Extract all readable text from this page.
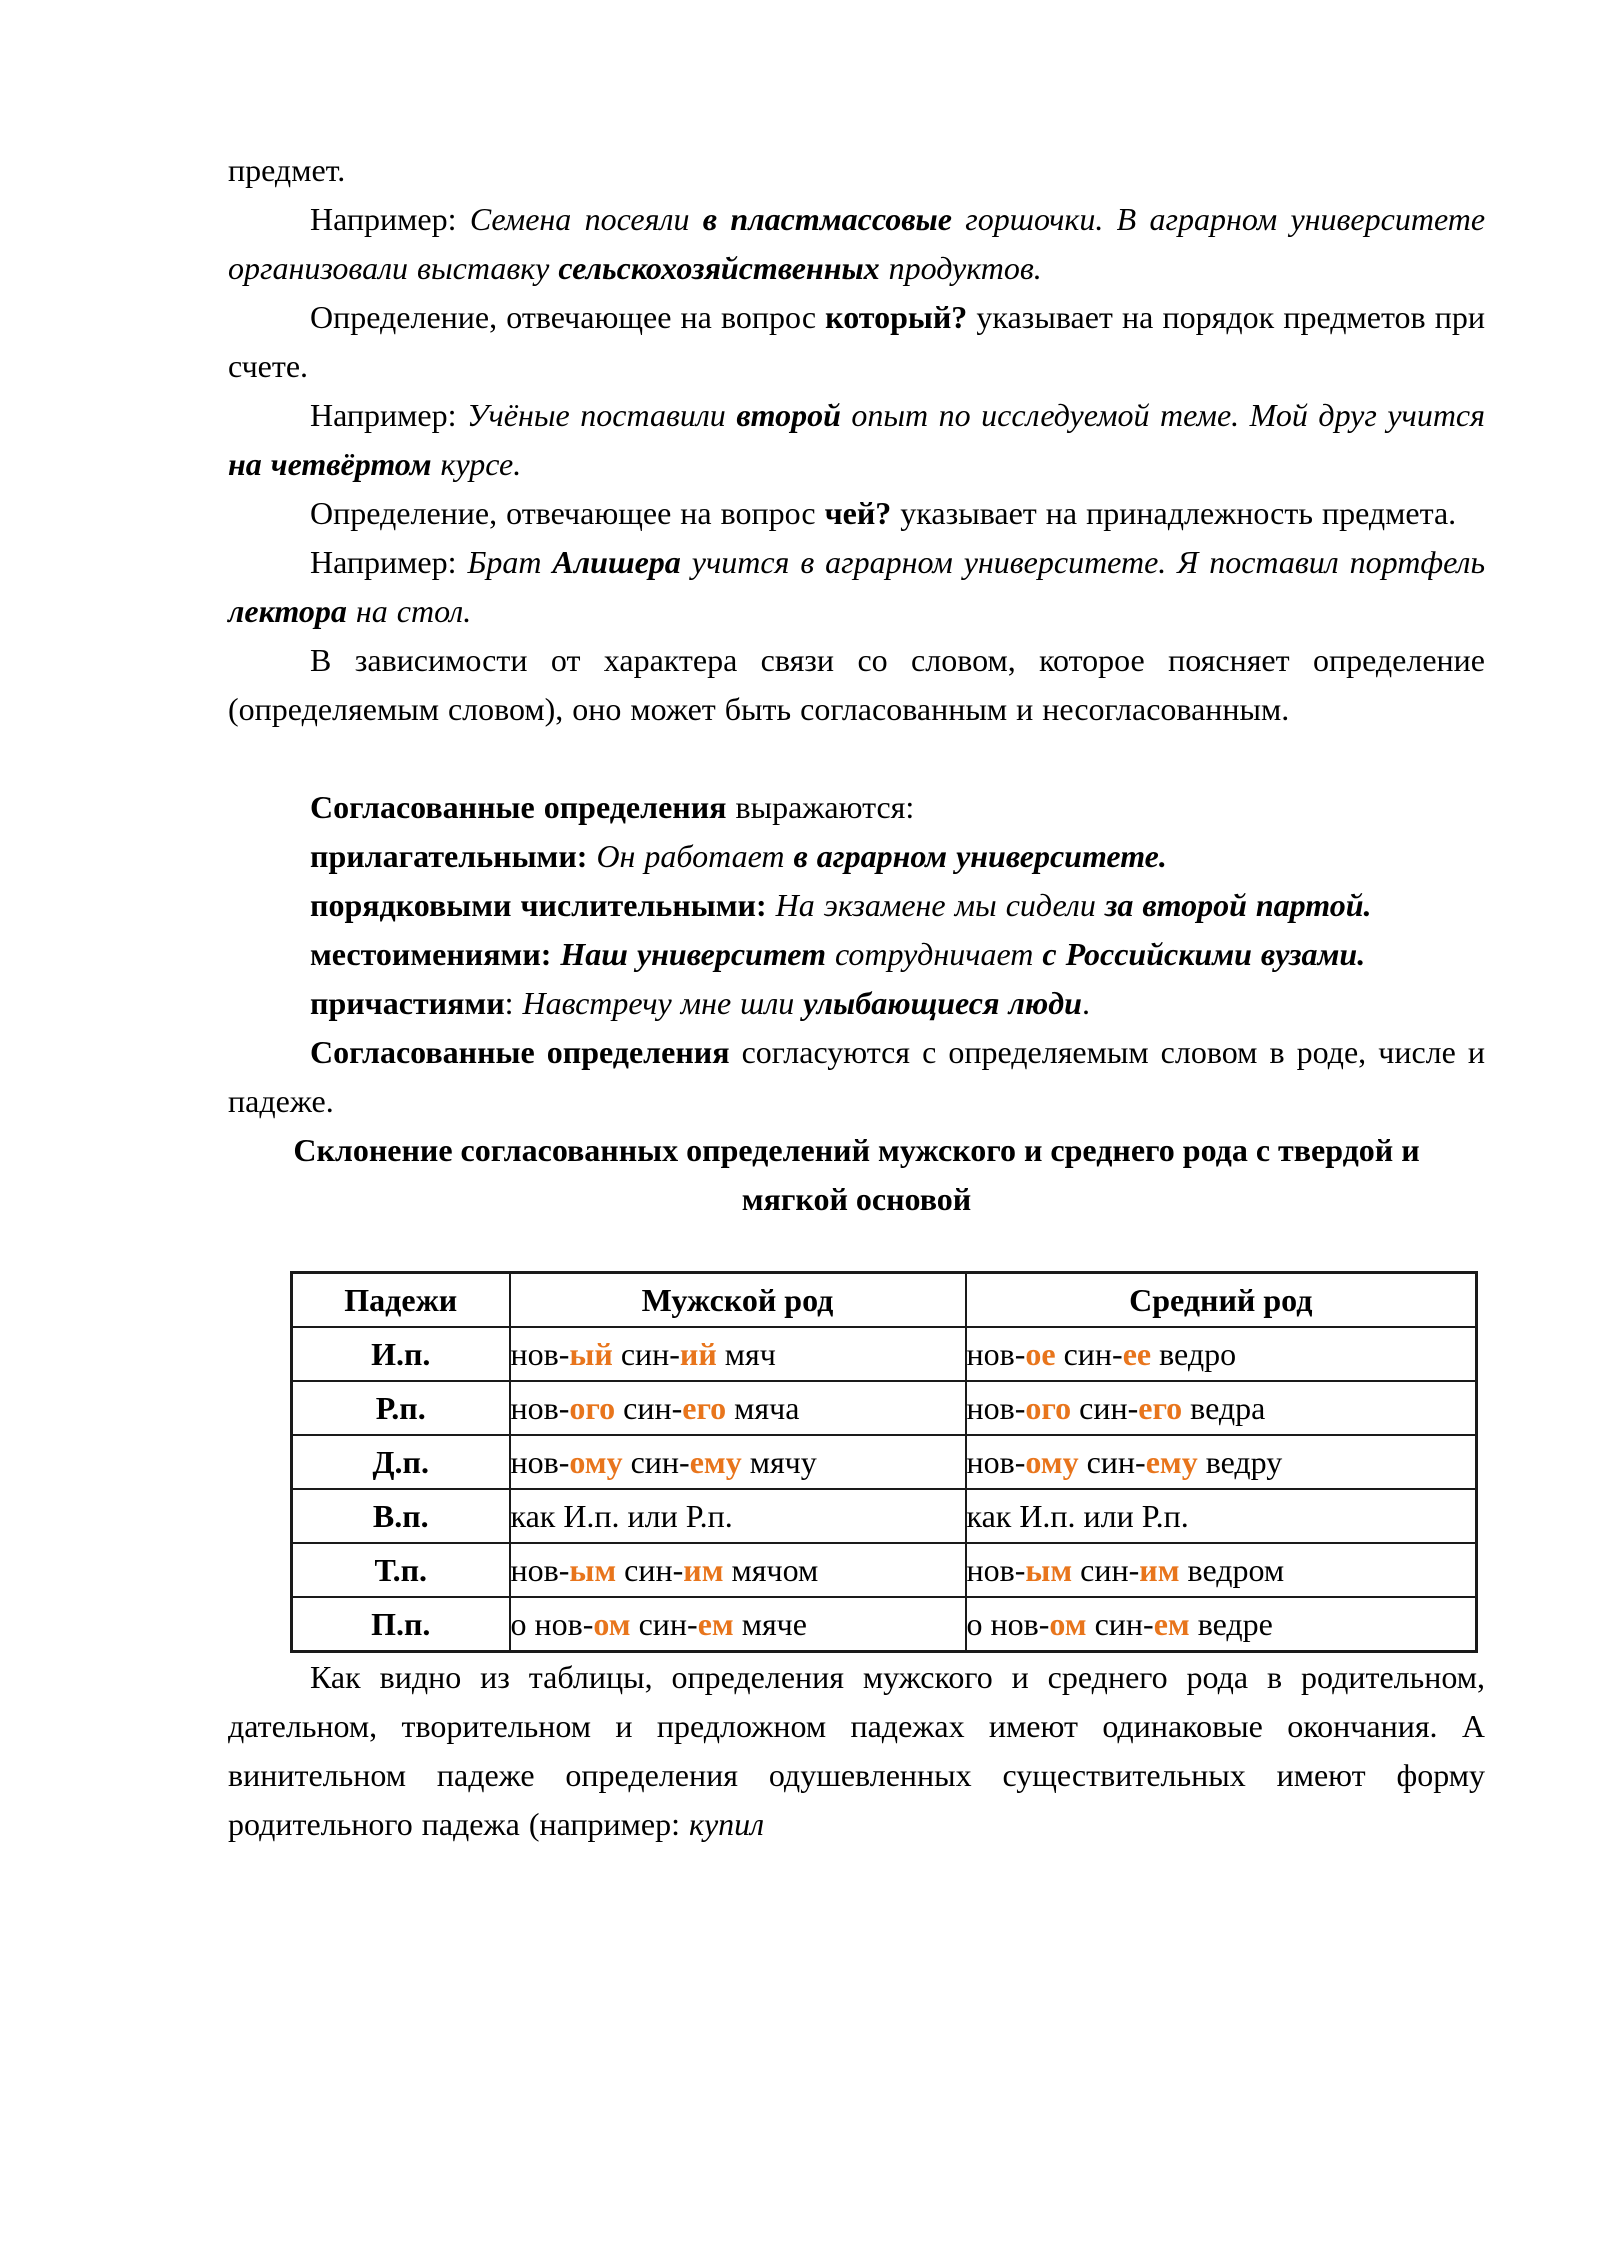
предмет.

Например: Семена посеяли в пластмассовые горшочки. В аграрном университете организовали выставку сельскохозяйственных продуктов.

Определение, отвечающее на вопрос который? указывает на порядок предметов при счете.

Например: Учёные поставили второй опыт по исследуемой теме. Мой друг учится на четвёртом курсе.

Определение, отвечающее на вопрос чей? указывает на принадлежность предмета.

Например: Брат Алишера учится в аграрном университете. Я поставил портфель лектора на стол.

В зависимости от характера связи со словом, которое поясняет определение (определяемым словом), оно может быть согласованным и несогласованным.

Согласованные определения выражаются:

прилагательными: Он работает в аграрном университете.

порядковыми числительными: На экзамене мы сидели за второй партой.

местоимениями: Наш университет сотрудничает с Российскими вузами.

причастиями: Навстречу мне шли улыбающиеся люди.

Согласованные определения согласуются с определяемым словом в роде, числе и падеже.

Склонение согласованных определений мужского и среднего рода с твердой и мягкой основой
Падежи	Мужской род	Средний род
И.п.	нов-ый син-ий мяч	нов-ое син-ее ведро
Р.п.	нов-ого син-его мяча	нов-ого син-его ведра
Д.п.	нов-ому син-ему мячу	нов-ому син-ему ведру
В.п.	как И.п. или Р.п.	как И.п. или Р.п.
Т.п.	нов-ым син-им мячом	нов-ым син-им ведром
П.п.	о нов-ом син-ем мяче	о нов-ом син-ем ведре

Как видно из таблицы, определения мужского и среднего рода в родительном, дательном, творительном и предложном падежах имеют одинаковые окончания. А винительном падеже определения одушевленных существительных имеют форму родительного падежа (например: купил
